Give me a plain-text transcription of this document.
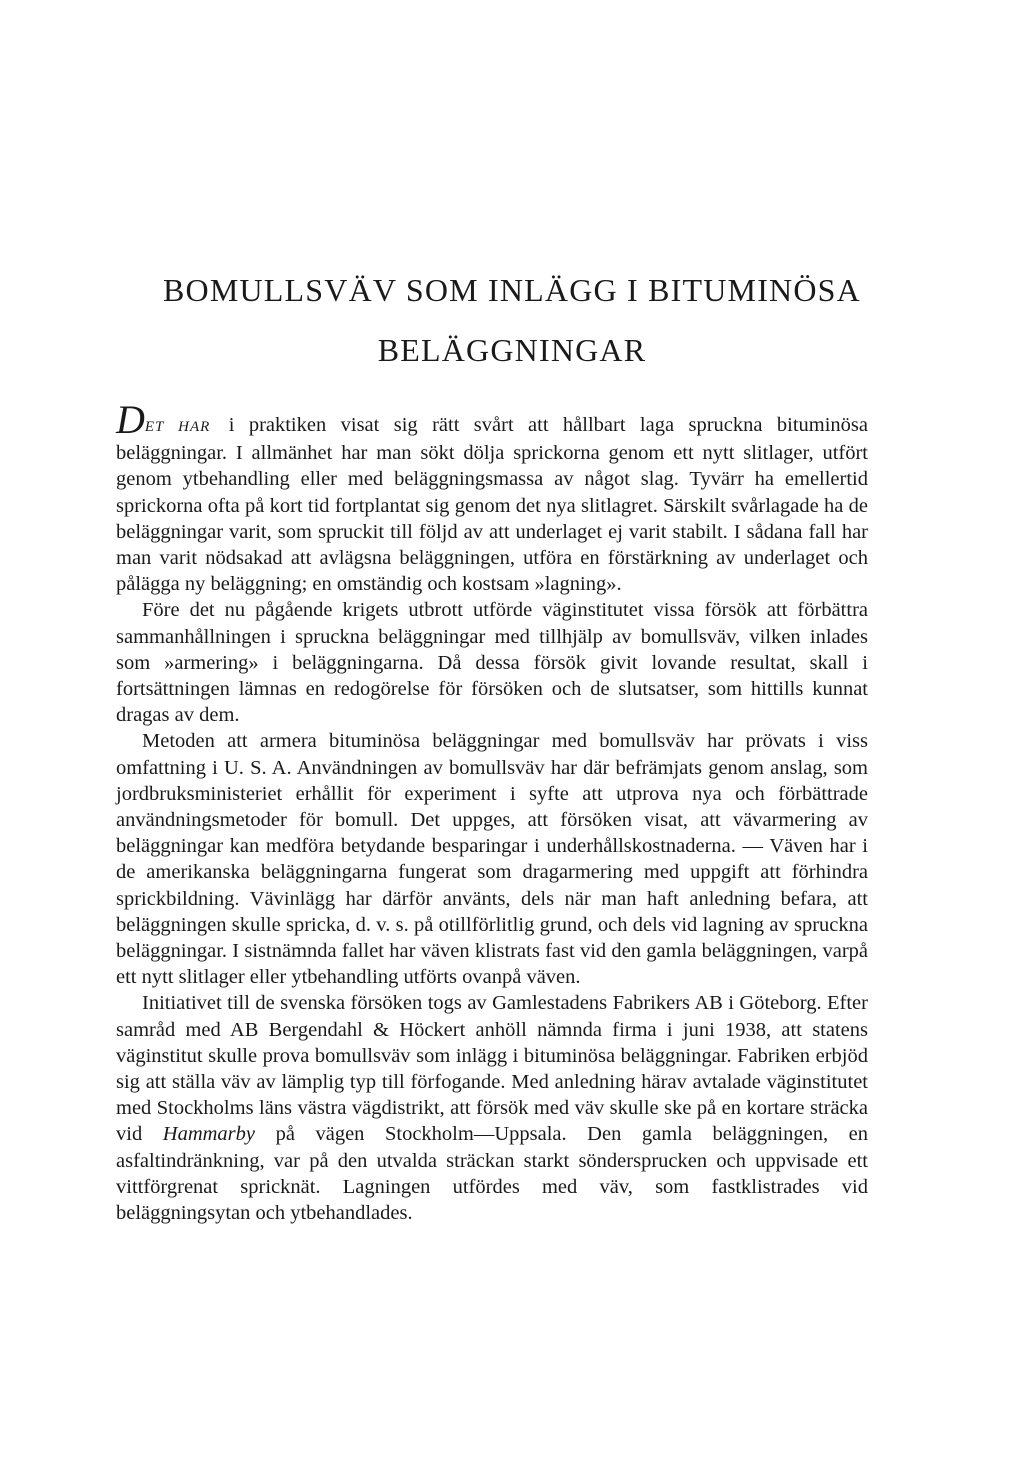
BOMULLSVÄV SOM INLÄGG I BITUMINÖSA
BELÄGGNINGAR

DET HAR i praktiken visat sig rätt svårt att hållbart laga spruckna bituminösa beläggningar. I allmänhet har man sökt dölja sprickorna genom ett nytt slitlager, utfört genom ytbehandling eller med beläggningsmassa av något slag. Tyvärr ha emellertid sprickorna ofta på kort tid fortplantat sig genom det nya slitlagret. Särskilt svårlagade ha de beläggningar varit, som spruckit till följd av att underlaget ej varit stabilt. I sådana fall har man varit nödsakad att avlägsna beläggningen, utföra en förstärkning av underlaget och pålägga ny beläggning; en omständig och kostsam »lagning».

Före det nu pågående krigets utbrott utförde väginstitutet vissa försök att förbättra sammanhållningen i spruckna beläggningar med tillhjälp av bomullsväv, vilken inlades som »armering» i beläggningarna. Då dessa försök givit lovande resultat, skall i fortsättningen lämnas en redogörelse för försöken och de slutsatser, som hittills kunnat dragas av dem.

Metoden att armera bituminösa beläggningar med bomullsväv har prövats i viss omfattning i U. S. A. Användningen av bomullsväv har där befrämjats genom anslag, som jordbruksministeriet erhållit för experiment i syfte att utprova nya och förbättrade användningsmetoder för bomull. Det uppges, att försöken visat, att vävarmering av beläggningar kan medföra betydande besparingar i underhållskostnaderna. — Väven har i de amerikanska beläggningarna fungerat som dragarmering med uppgift att förhindra sprickbildning. Vävinlägg har därför använts, dels när man haft anledning befara, att beläggningen skulle spricka, d. v. s. på otillförlitlig grund, och dels vid lagning av spruckna beläggningar. I sistnämnda fallet har väven klistrats fast vid den gamla beläggningen, varpå ett nytt slitlager eller ytbehandling utförts ovanpå väven.

Initiativet till de svenska försöken togs av Gamlestadens Fabrikers AB i Göteborg. Efter samråd med AB Bergendahl & Höckert anhöll nämnda firma i juni 1938, att statens väginstitut skulle prova bomullsväv som inlägg i bituminösa beläggningar. Fabriken erbjöd sig att ställa väv av lämplig typ till förfogande. Med anledning härav avtalade väginstitutet med Stockholms läns västra vägdistrikt, att försök med väv skulle ske på en kortare sträcka vid Hammarby på vägen Stockholm—Uppsala. Den gamla beläggningen, en asfaltindränkning, var på den utvalda sträckan starkt söndersprucken och uppvisade ett vittförgrenat spricknät. Lagningen utfördes med väv, som fastklistrades vid beläggningsytan och ytbehandlades.
